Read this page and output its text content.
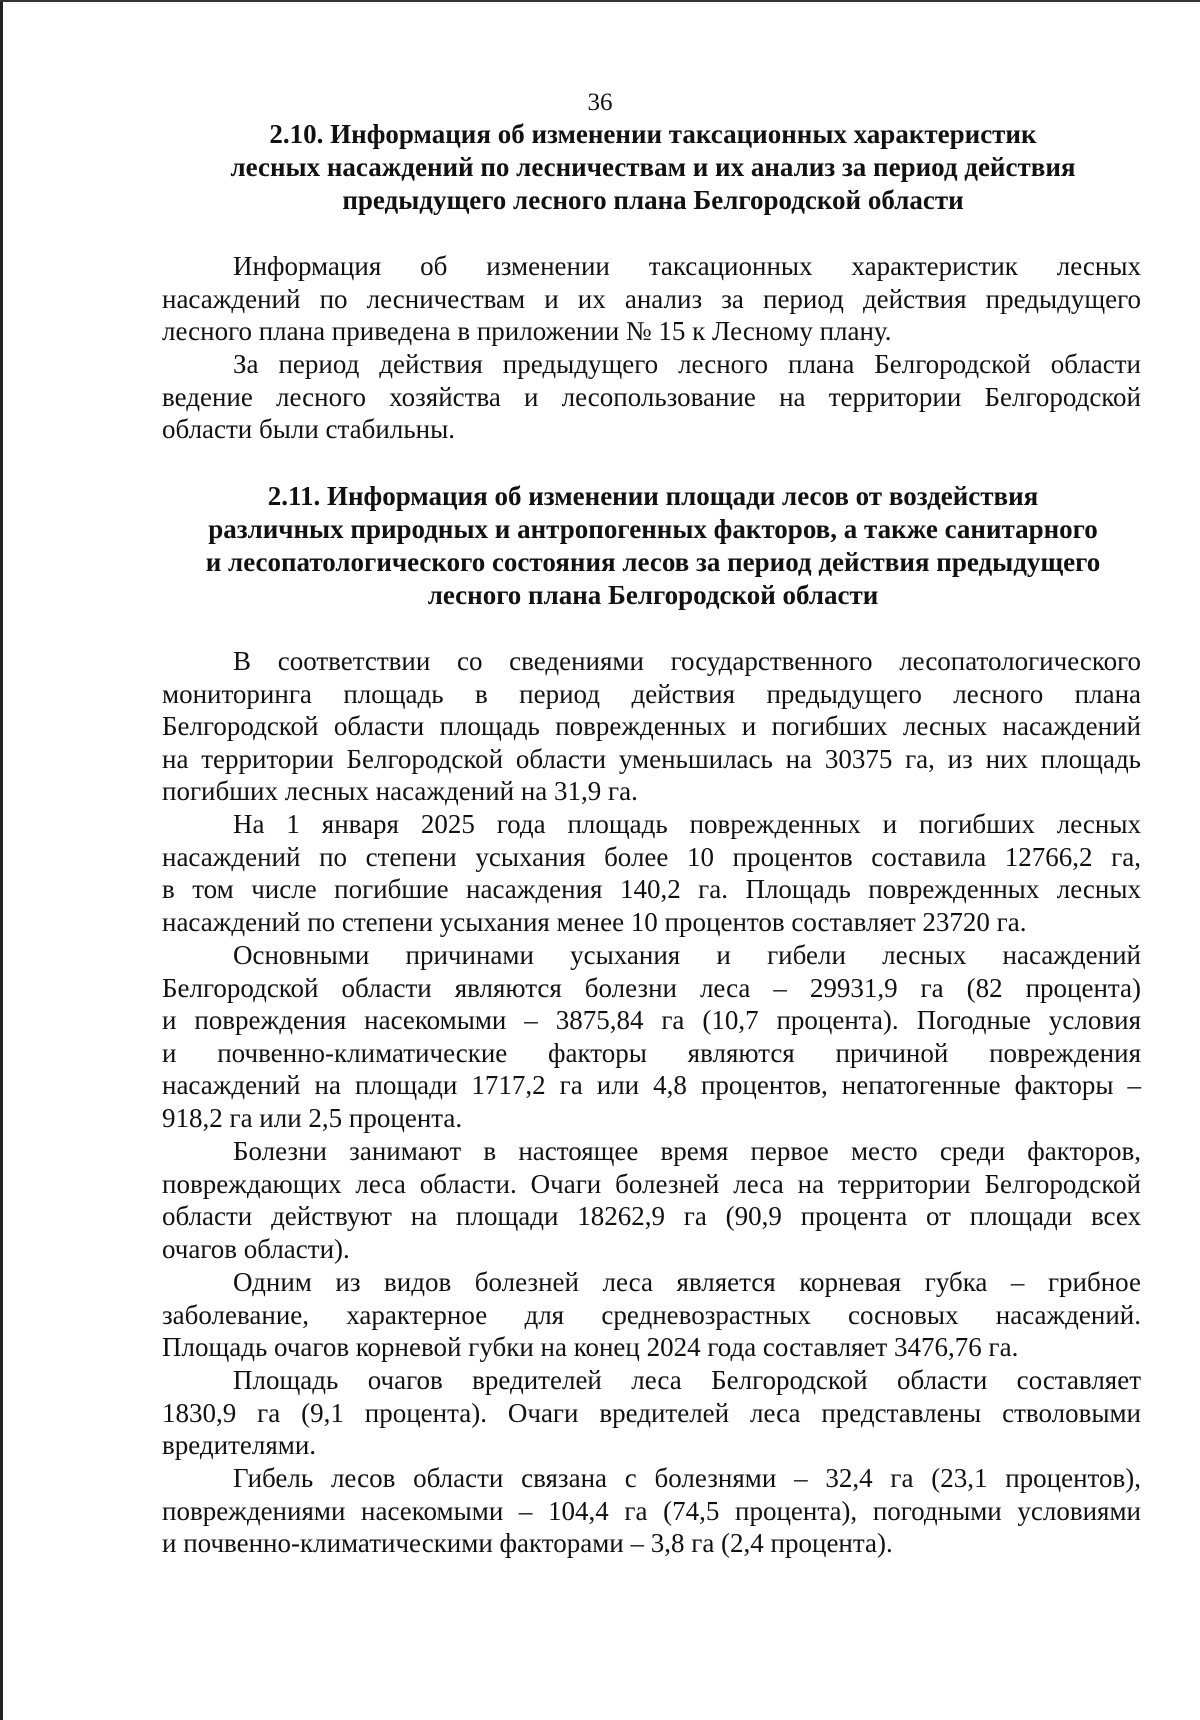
36
2.10. Информация об изменении таксационных характеристик
лесных насаждений по лесничествам и их анализ за период действия
предыдущего лесного плана Белгородской области
Информация об изменении таксационных характеристик лесных
насаждений по лесничествам и их анализ за период действия предыдущего
лесного плана приведена в приложении № 15 к Лесному плану.
За период действия предыдущего лесного плана Белгородской области
ведение лесного хозяйства и лесопользование на территории Белгородской
области были стабильны.
2.11. Информация об изменении площади лесов от воздействия
различных природных и антропогенных факторов, а также санитарного
и лесопатологического состояния лесов за период действия предыдущего
лесного плана Белгородской области
В соответствии со сведениями государственного лесопатологического
мониторинга площадь в период действия предыдущего лесного плана
Белгородской области площадь поврежденных и погибших лесных насаждений
на территории Белгородской области уменьшилась на 30375 га, из них площадь
погибших лесных насаждений на 31,9 га.
На 1 января 2025 года площадь поврежденных и погибших лесных
насаждений по степени усыхания более 10 процентов составила 12766,2 га,
в том числе погибшие насаждения 140,2 га. Площадь поврежденных лесных
насаждений по степени усыхания менее 10 процентов составляет 23720 га.
Основными причинами усыхания и гибели лесных насаждений
Белгородской области являются болезни леса – 29931,9 га (82 процента)
и повреждения насекомыми – 3875,84 га (10,7 процента). Погодные условия
и почвенно-климатические факторы являются причиной повреждения
насаждений на площади 1717,2 га или 4,8 процентов, непатогенные факторы –
918,2 га или 2,5 процента.
Болезни занимают в настоящее время первое место среди факторов,
повреждающих леса области. Очаги болезней леса на территории Белгородской
области действуют на площади 18262,9 га (90,9 процента от площади всех
очагов области).
Одним из видов болезней леса является корневая губка – грибное
заболевание, характерное для средневозрастных сосновых насаждений.
Площадь очагов корневой губки на конец 2024 года составляет 3476,76 га.
Площадь очагов вредителей леса Белгородской области составляет
1830,9 га (9,1 процента). Очаги вредителей леса представлены стволовыми
вредителями.
Гибель лесов области связана с болезнями – 32,4 га (23,1 процентов),
повреждениями насекомыми – 104,4 га (74,5 процента), погодными условиями
и почвенно-климатическими факторами – 3,8 га (2,4 процента).
